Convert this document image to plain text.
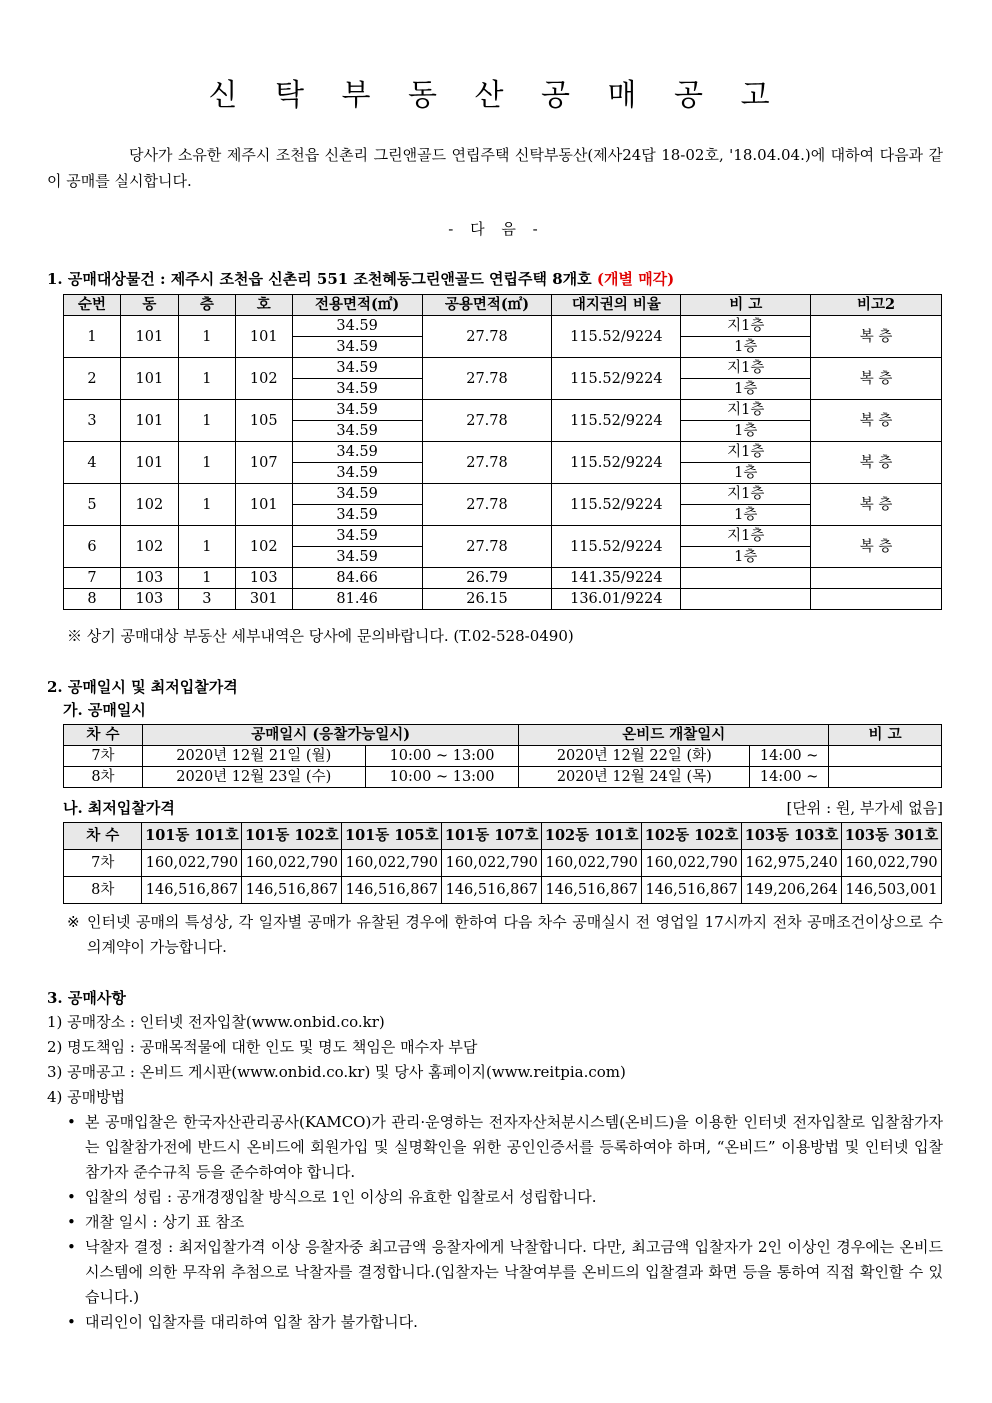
신 탁 부 동 산 공 매 공 고
당사가 소유한 제주시 조천읍 신촌리 그린앤골드 연립주택 신탁부동산(제사24답 18-02호, '18.04.04.)에 대하여 다음과 같이 공매를 실시합니다.
- 다 음 -
1. 공매대상물건 : 제주시 조천읍 신촌리 551 조천혜동그린앤골드 연립주택 8개호 (개별 매각)
순번	동	층	호	전용면적(㎡)	공용면적(㎡)	대지권의 비율	비 고	비고2
1	101	1	101	34.59	27.78	115.52/9224	지1층	복 층
				34.59			1층	
2	101	1	102	34.59	27.78	115.52/9224	지1층	복 층
				34.59			1층	
3	101	1	105	34.59	27.78	115.52/9224	지1층	복 층
				34.59			1층	
4	101	1	107	34.59	27.78	115.52/9224	지1층	복 층
				34.59			1층	
5	102	1	101	34.59	27.78	115.52/9224	지1층	복 층
				34.59			1층	
6	102	1	102	34.59	27.78	115.52/9224	지1층	복 층
				34.59			1층	
7	103	1	103	84.66	26.79	141.35/9224		
8	103	3	301	81.46	26.15	136.01/9224		
※ 상기 공매대상 부동산 세부내역은 당사에 문의바랍니다. (T.02-528-0490)
2. 공매일시 및 최저입찰가격
가. 공매일시
차 수	공매일시 (응찰가능일시)		온비드 개찰일시		비 고
7차	2020년 12월 21일 (월)	10:00 ~ 13:00	2020년 12월 22일 (화)	14:00 ~	
8차	2020년 12월 23일 (수)	10:00 ~ 13:00	2020년 12월 24일 (목)	14:00 ~	
나. 최저입찰가격	[단위 : 원, 부가세 없음]
차 수	101동 101호	101동 102호	101동 105호	101동 107호	102동 101호	102동 102호	103동 103호	103동 301호
7차	160,022,790	160,022,790	160,022,790	160,022,790	160,022,790	160,022,790	162,975,240	160,022,790
8차	146,516,867	146,516,867	146,516,867	146,516,867	146,516,867	146,516,867	149,206,264	146,503,001
※ 인터넷 공매의 특성상, 각 일자별 공매가 유찰된 경우에 한하여 다음 차수 공매실시 전 영업일 17시까지 전차 공매조건이상으로 수의계약이 가능합니다.
3. 공매사항
1) 공매장소 : 인터넷 전자입찰(www.onbid.co.kr)
2) 명도책임 : 공매목적물에 대한 인도 및 명도 책임은 매수자 부담
3) 공매공고 : 온비드 게시판(www.onbid.co.kr) 및 당사 홈페이지(www.reitpia.com)
4) 공매방법
• 본 공매입찰은 한국자산관리공사(KAMCO)가 관리·운영하는 전자자산처분시스템(온비드)을 이용한 인터넷 전자입찰로 입찰참가자는 입찰참가전에 반드시 온비드에 회원가입 및 실명확인을 위한 공인인증서를 등록하여야 하며, “온비드” 이용방법 및 인터넷 입찰참가자 준수규칙 등을 준수하여야 합니다.
• 입찰의 성립 : 공개경쟁입찰 방식으로 1인 이상의 유효한 입찰로서 성립합니다.
• 개찰 일시 : 상기 표 참조
• 낙찰자 결정 : 최저입찰가격 이상 응찰자중 최고금액 응찰자에게 낙찰합니다. 다만, 최고금액 입찰자가 2인 이상인 경우에는 온비드 시스템에 의한 무작위 추첨으로 낙찰자를 결정합니다.(입찰자는 낙찰여부를 온비드의 입찰결과 화면 등을 통하여 직접 확인할 수 있습니다.)
• 대리인이 입찰자를 대리하여 입찰 참가 불가합니다.
